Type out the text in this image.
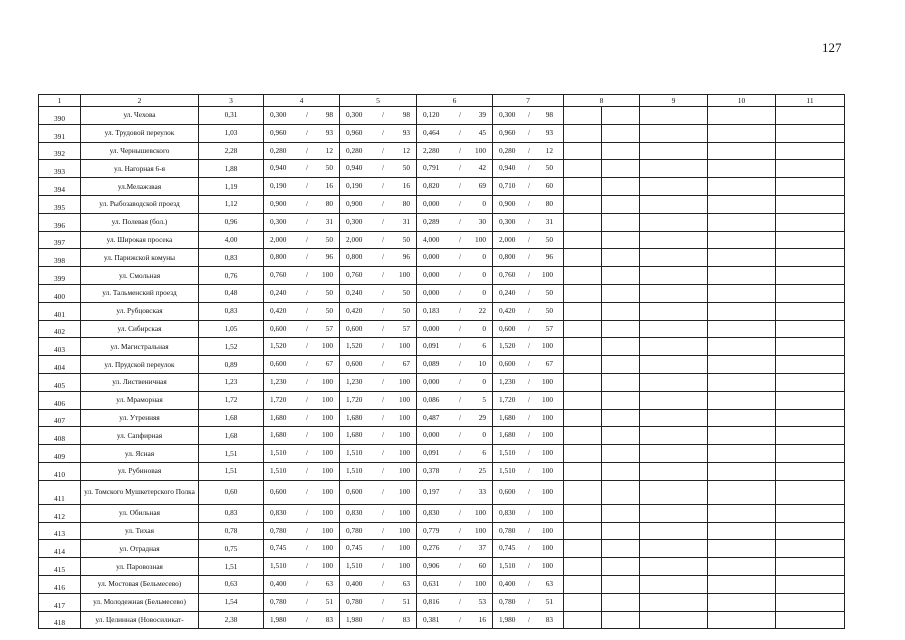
127
1	2	3	4	5	6	7	8	9	10	11
390	ул. Чехова	0,31	0,300 / 98	0,300 / 98	0,120 / 39	0,300 / 98				

391	ул. Трудовой переулок	1,03	0,960 / 93	0,960 / 93	0,464 / 45	0,960 / 93				

392	ул. Чернышевского	2,28	0,280 / 12	0,280 / 12	2,280 / 100	0,280 / 12				

393	ул. Нагорная 6-я	1,88	0,940 / 50	0,940 / 50	0,791 / 42	0,940 / 50				

394	ул.Мелажзвая	1,19	0,190 / 16	0,190 / 16	0,820 / 69	0,710 / 60				

395	ул. Рыбозаводской проезд	1,12	0,900 / 80	0,900 / 80	0,000 / 0	0,900 / 80				

396	ул. Полевая (бол.)	0,96	0,300 / 31	0,300 / 31	0,289 / 30	0,300 / 31				

397	ул. Широкая просека	4,00	2,000 / 50	2,000 / 50	4,000 / 100	2,000 / 50				

398	ул. Парижской комуны	0,83	0,800 / 96	0,800 / 96	0,000 / 0	0,800 / 96				

399	ул. Смольная	0,76	0,760 / 100	0,760 / 100	0,000 / 0	0,760 / 100				

400	ул. Тальменский проезд	0,48	0,240 / 50	0,240 / 50	0,000 / 0	0,240 / 50				

401	ул. Рубцовская	0,83	0,420 / 50	0,420 / 50	0,183 / 22	0,420 / 50				

402	ул. Сибирская	1,05	0,600 / 57	0,600 / 57	0,000 / 0	0,600 / 57				

403	ул. Магистральная	1,52	1,520 / 100	1,520 / 100	0,091 / 6	1,520 / 100				

404	ул. Прудской переулок	0,89	0,600 / 67	0,600 / 67	0,089 / 10	0,600 / 67				

405	ул. Лиственичная	1,23	1,230 / 100	1,230 / 100	0,000 / 0	1,230 / 100				

406	ул. Мраморная	1,72	1,720 / 100	1,720 / 100	0,086 / 5	1,720 / 100				

407	ул. Утренняя	1,68	1,680 / 100	1,680 / 100	0,487 / 29	1,680 / 100				

408	ул. Сапфирная	1,68	1,680 / 100	1,680 / 100	0,000 / 0	1,680 / 100				

409	ул. Ясная	1,51	1,510 / 100	1,510 / 100	0,091 / 6	1,510 / 100				

410	ул. Рубиновая	1,51	1,510 / 100	1,510 / 100	0,378 / 25	1,510 / 100				

411	ул. Томского Мушкетерского Полка	0,60	0,600 / 100	0,600 / 100	0,197 / 33	0,600 / 100				

412	ул. Обильная	0,83	0,830 / 100	0,830 / 100	0,830 / 100	0,830 / 100				

413	ул. Тихая	0,78	0,780 / 100	0,780 / 100	0,779 / 100	0,780 / 100				

414	ул. Отрадная	0,75	0,745 / 100	0,745 / 100	0,276 / 37	0,745 / 100				

415	ул. Паровозная	1,51	1,510 / 100	1,510 / 100	0,906 / 60	1,510 / 100				

416	ул. Мостовая (Бельмесево)	0,63	0,400 / 63	0,400 / 63	0,631 / 100	0,400 / 63				

417	ул. Молодежная (Бельмесево)	1,54	0,780 / 51	0,780 / 51	0,816 / 53	0,780 / 51				

418	ул. Целинная (Новосиликат-	2,38	1,980 / 83	1,980 / 83	0,381 / 16	1,980 / 83				
